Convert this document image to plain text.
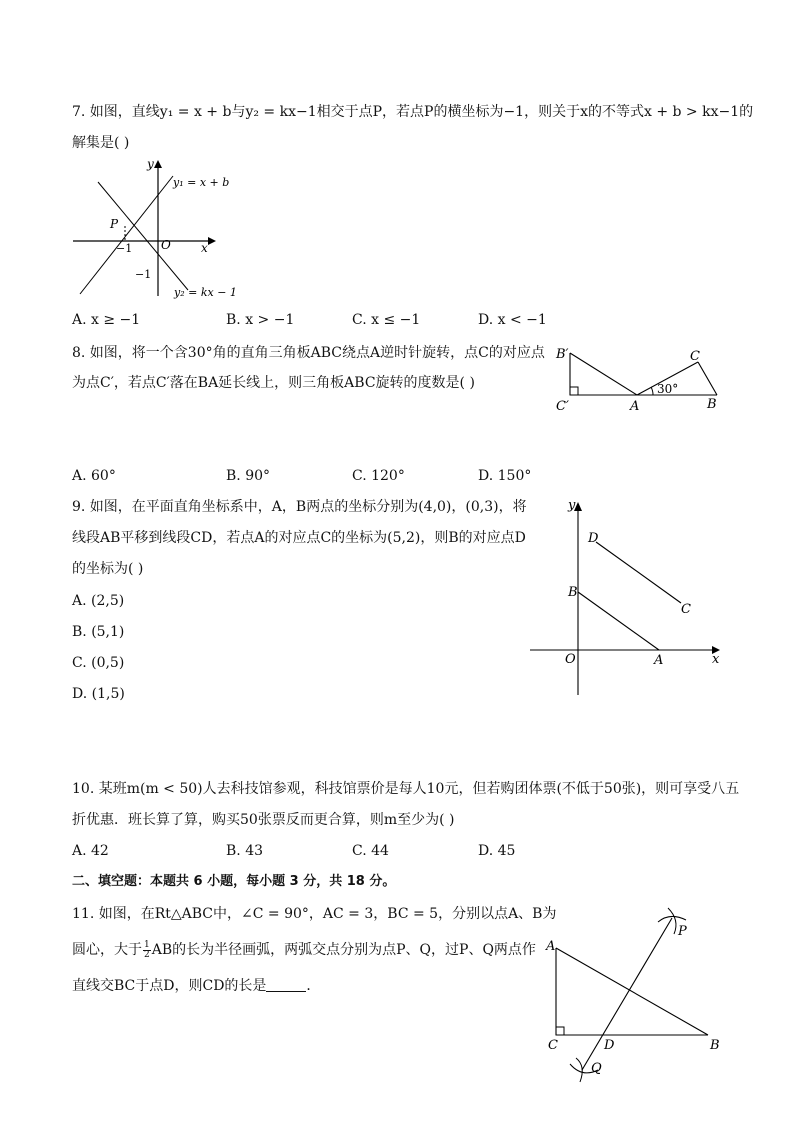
7. 如图，直线y₁ = x + b与y₂ = kx−1相交于点P，若点P的横坐标为−1，则关于x的不等式x + b > kx−1的
解集是( )
y
x
O
P
−1
−1
y₁ = x + b
y₂ = kx − 1
A. x ≥ −1	B. x > −1	C. x ≤ −1	D. x < −1
8. 如图，将一个含30°角的直角三角板ABC绕点A逆时针旋转，点C的对应点
为点C′，若点C′落在BA延长线上，则三角板ABC旋转的度数是( )
B′
C′	A	B
C
30°
A. 60°	B. 90°	C. 120°	D. 150°
9. 如图，在平面直角坐标系中，A，B两点的坐标分别为(4,0)，(0,3)，将
线段AB平移到线段CD，若点A的对应点C的坐标为(5,2)，则B的对应点D
的坐标为( )
A. (2,5)
B. (5,1)
C. (0,5)
D. (1,5)
y
x
O	A
B
C
D
10. 某班m(m < 50)人去科技馆参观，科技馆票价是每人10元，但若购团体票(不低于50张)，则可享受八五
折优惠．班长算了算，购买50张票反而更合算，则m至少为( )
A. 42	B. 43	C. 44	D. 45
二、填空题：本题共 6 小题，每小题 3 分，共 18 分。
11. 如图，在Rt△ABC中，∠C = 90°，AC = 3，BC = 5，分别以点A、B为
圆心，大于 $\frac{1}{2}$ AB的长为半径画弧，两弧交点分别为点P、Q，过P、Q两点作
直线交BC于点D，则CD的长是	．
A
B
C	D
P
Q
